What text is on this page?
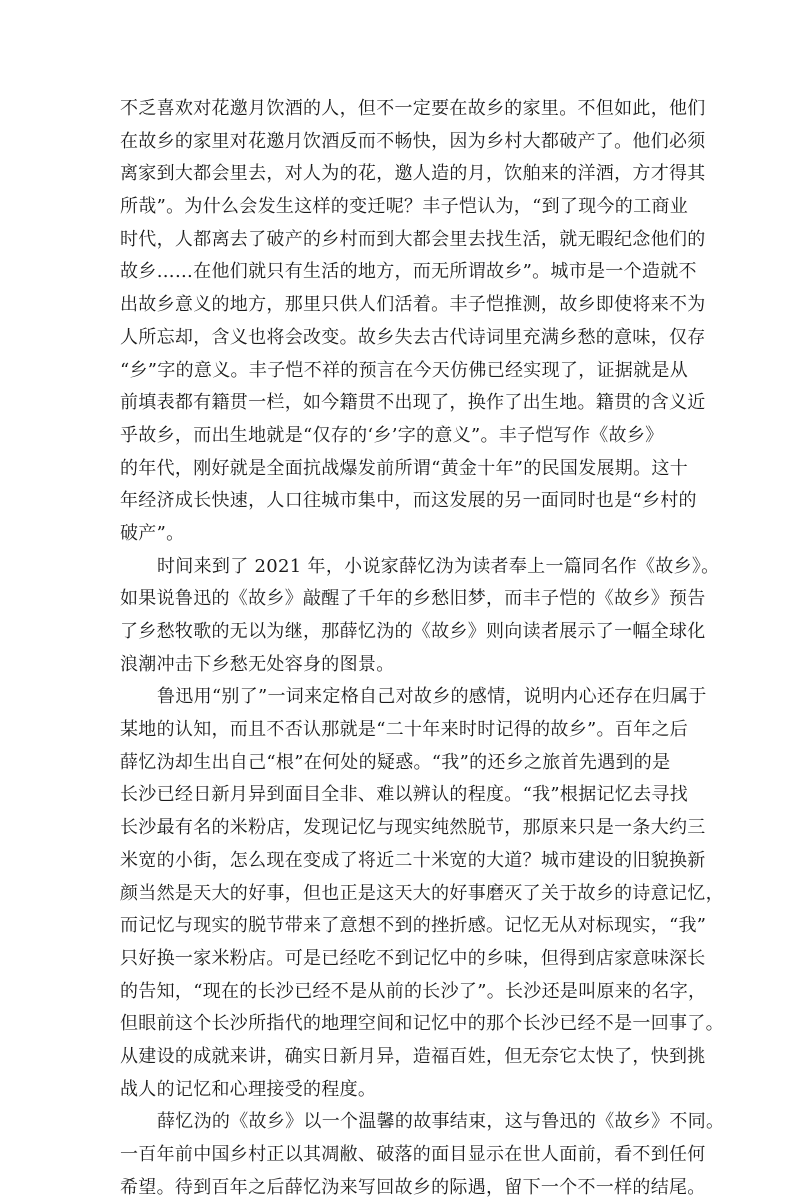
不乏喜欢对花邀月饮酒的人，但不一定要在故乡的家里。不但如此，他们
在故乡的家里对花邀月饮酒反而不畅快，因为乡村大都破产了。他们必须
离家到大都会里去，对人为的花，邀人造的月，饮舶来的洋酒，方才得其
所哉”。为什么会发生这样的变迁呢？丰子恺认为，“到了现今的工商业
时代，人都离去了破产的乡村而到大都会里去找生活，就无暇纪念他们的
故乡……在他们就只有生活的地方，而无所谓故乡”。城市是一个造就不
出故乡意义的地方，那里只供人们活着。丰子恺推测，故乡即使将来不为
人所忘却，含义也将会改变。故乡失去古代诗词里充满乡愁的意味，仅存
“乡”字的意义。丰子恺不祥的预言在今天仿佛已经实现了，证据就是从
前填表都有籍贯一栏，如今籍贯不出现了，换作了出生地。籍贯的含义近
乎故乡，而出生地就是“仅存的‘乡’字的意义”。丰子恺写作《故乡》
的年代，刚好就是全面抗战爆发前所谓“黄金十年”的民国发展期。这十
年经济成长快速，人口往城市集中，而这发展的另一面同时也是“乡村的
破产”。
时间来到了 2021 年，小说家薛忆沩为读者奉上一篇同名作《故乡》。
如果说鲁迅的《故乡》敲醒了千年的乡愁旧梦，而丰子恺的《故乡》预告
了乡愁牧歌的无以为继，那薛忆沩的《故乡》则向读者展示了一幅全球化
浪潮冲击下乡愁无处容身的图景。
鲁迅用“别了”一词来定格自己对故乡的感情，说明内心还存在归属于
某地的认知，而且不否认那就是“二十年来时时记得的故乡”。百年之后
薛忆沩却生出自己“根”在何处的疑惑。“我”的还乡之旅首先遇到的是
长沙已经日新月异到面目全非、难以辨认的程度。“我”根据记忆去寻找
长沙最有名的米粉店，发现记忆与现实纯然脱节，那原来只是一条大约三
米宽的小街，怎么现在变成了将近二十米宽的大道？城市建设的旧貌换新
颜当然是天大的好事，但也正是这天大的好事磨灭了关于故乡的诗意记忆，
而记忆与现实的脱节带来了意想不到的挫折感。记忆无从对标现实，“我”
只好换一家米粉店。可是已经吃不到记忆中的乡味，但得到店家意味深长
的告知，“现在的长沙已经不是从前的长沙了”。长沙还是叫原来的名字，
但眼前这个长沙所指代的地理空间和记忆中的那个长沙已经不是一回事了。
从建设的成就来讲，确实日新月异，造福百姓，但无奈它太快了，快到挑
战人的记忆和心理接受的程度。
薛忆沩的《故乡》以一个温馨的故事结束，这与鲁迅的《故乡》不同。
一百年前中国乡村正以其凋敝、破落的面目显示在世人面前，看不到任何
希望。待到百年之后薛忆沩来写回故乡的际遇，留下一个不一样的结尾。
